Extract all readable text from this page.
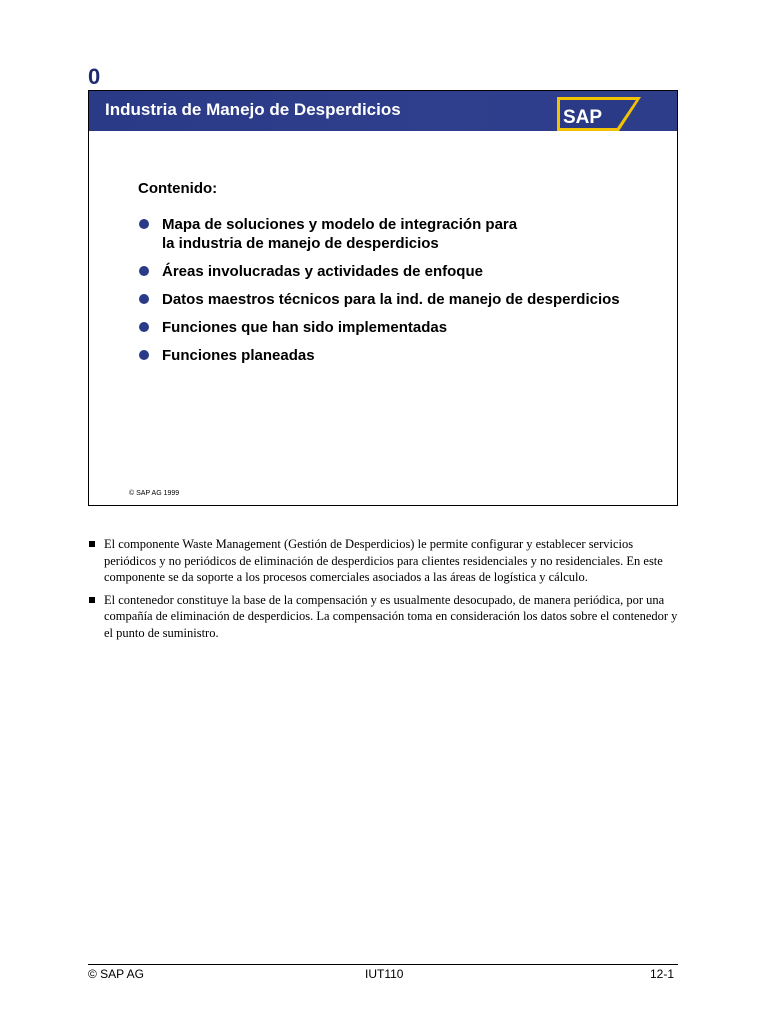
0
Industria de Manejo de Desperdicios	SAP
Contenido:
Mapa de soluciones y modelo de integración para
la industria de manejo de desperdicios
Áreas involucradas y actividades de enfoque
Datos maestros técnicos para la ind. de manejo de desperdicios
Funciones que han sido implementadas
Funciones planeadas
© SAP AG 1999
El componente Waste Management (Gestión de Desperdicios) le permite configurar y establecer servicios periódicos y no periódicos de eliminación de desperdicios para clientes residenciales y no residenciales. En este componente se da soporte a los procesos comerciales asociados a las áreas de logística y cálculo.
El contenedor constituye la base de la compensación y es usualmente desocupado, de manera periódica, por una compañía de eliminación de desperdicios. La compensación toma en consideración los datos sobre el contenedor y el punto de suministro.
© SAP AG	IUT110	12-1
